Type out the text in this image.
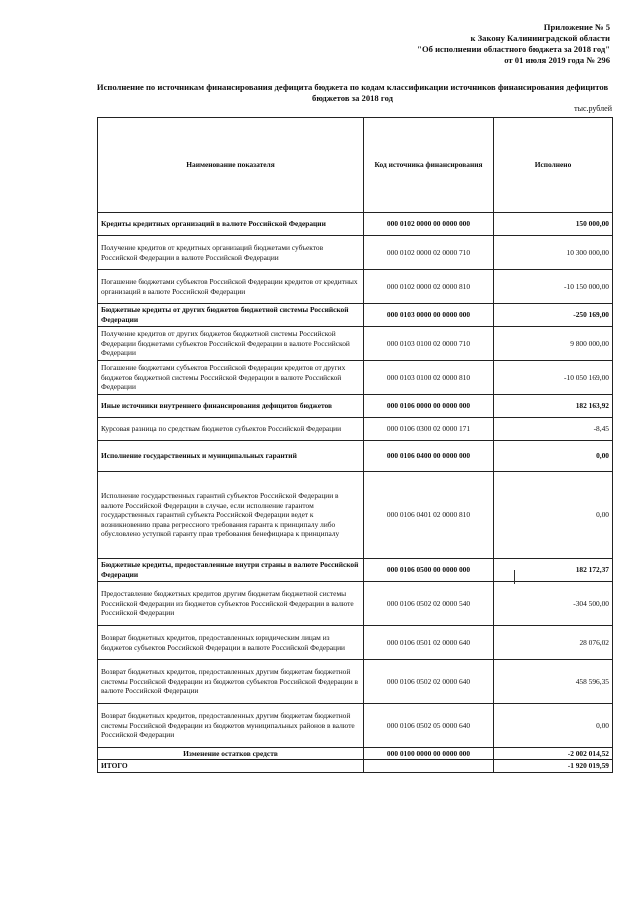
Приложение № 5
к Закону Калининградской области
"Об исполнении областного бюджета за 2018 год"
от 01 июля 2019 года № 296
Исполнение по источникам финансирования дефицита бюджета по кодам классификации источников финансирования дефицитов бюджетов за 2018 год
тыс.рублей
Наименование показателя	Код источника финансирования	Исполнено
Кредиты кредитных организаций в валюте Российской Федерации	000 0102 0000 00 0000 000	150 000,00
Получение кредитов от кредитных организаций бюджетами субъектов Российской Федерации в валюте Российской Федерации	000 0102 0000 02 0000 710	10 300 000,00
Погашение бюджетами субъектов Российской Федерации кредитов от кредитных организаций в валюте Российской Федерации	000 0102 0000 02 0000 810	-10 150 000,00
Бюджетные кредиты от других бюджетов бюджетной системы Российской Федерации	000 0103 0000 00 0000 000	-250 169,00
Получение кредитов от других бюджетов бюджетной системы Российской Федерации бюджетами субъектов Российской Федерации в валюте Российской Федерации	000 0103 0100 02 0000 710	9 800 000,00
Погашение бюджетами субъектов Российской Федерации кредитов от других бюджетов бюджетной системы Российской Федерации в валюте Российской Федерации	000 0103 0100 02 0000 810	-10 050 169,00
Иные источники внутреннего финансирования дефицитов бюджетов	000 0106 0000 00 0000 000	182 163,92
Курсовая разница по средствам бюджетов субъектов Российской Федерации	000 0106 0300 02 0000 171	-8,45
Исполнение государственных и муниципальных гарантий	000 0106 0400 00 0000 000	0,00
Исполнение государственных гарантий субъектов Российской Федерации в валюте Российской Федерации в случае, если исполнение гарантом государственных гарантий субъекта Российской Федерации ведет к возникновению права регрессного требования гаранта к принципалу либо обусловлено уступкой гаранту прав требования бенефициара к принципалу	000 0106 0401 02 0000 810	0,00
Бюджетные кредиты, предоставленные внутри страны в валюте Российской Федерации	000 0106 0500 00 0000 000	182 172,37
Предоставление бюджетных кредитов другим бюджетам бюджетной системы Российской Федерации из бюджетов субъектов Российской Федерации в валюте Российской Федерации	000 0106 0502 02 0000 540	-304 500,00
Возврат бюджетных кредитов, предоставленных юридическим лицам из бюджетов субъектов Российской Федерации в валюте Российской Федерации	000 0106 0501 02 0000 640	28 076,02
Возврат бюджетных кредитов, предоставленных другим бюджетам бюджетной системы Российской Федерации из бюджетов субъектов Российской Федерации в валюте Российской Федерации	000 0106 0502 02 0000 640	458 596,35
Возврат бюджетных кредитов, предоставленных другим бюджетам бюджетной системы Российской Федерации из бюджетов муниципальных районов в валюте Российской Федерации	000 0106 0502 05 0000 640	0,00
Изменение остатков средств	000 0100 0000 00 0000 000	-2 002 014,52
ИТОГО		-1 920 019,59
